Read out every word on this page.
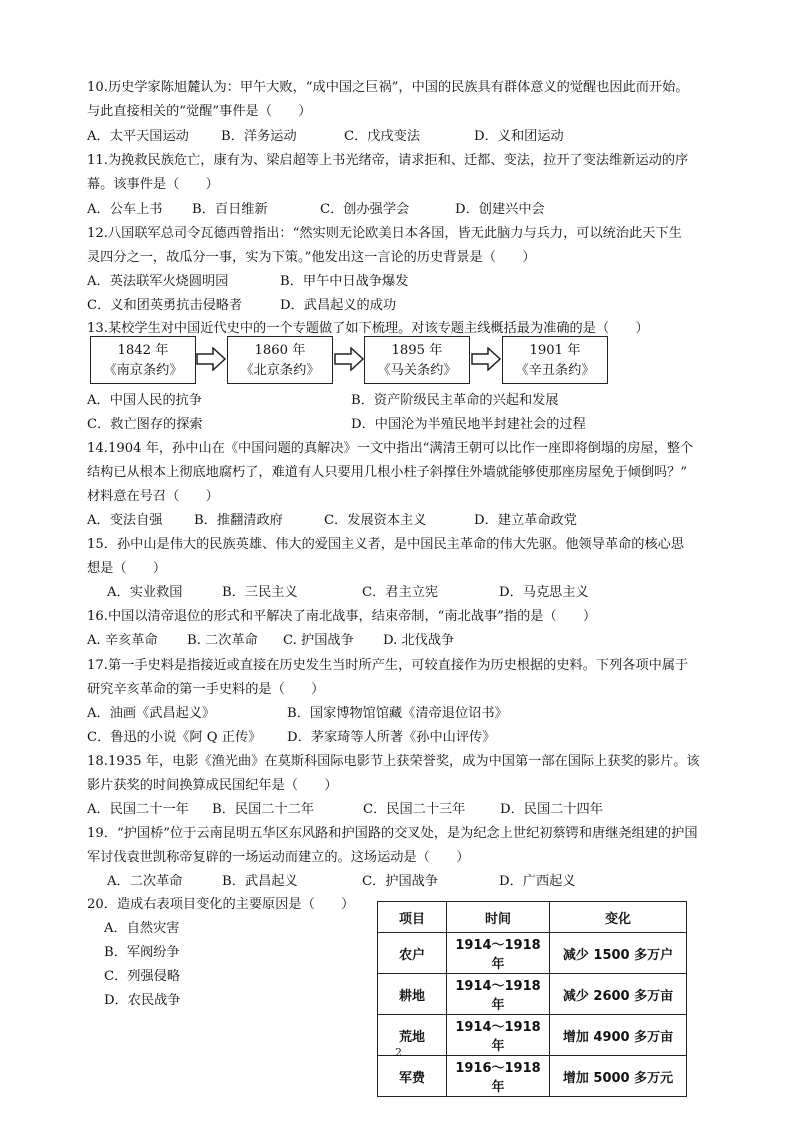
10.历史学家陈旭麓认为：甲午大败，“成中国之巨祸”，中国的民族具有群体意义的觉醒也因此而开始。
与此直接相关的“觉醒”事件是（　　）
A．太平天国运动 B．洋务运动	C．戊戌变法	D．义和团运动
11.为挽救民族危亡，康有为、梁启超等上书光绪帝，请求拒和、迁都、变法，拉开了变法维新运动的序
幕。该事件是（　　）
A．公车上书 B．百日维新	C．创办强学会	D．创建兴中会
12.八国联军总司令瓦德西曾指出：“然实则无论欧美日本各国，皆无此脑力与兵力，可以统治此天下生
灵四分之一，故瓜分一事，实为下策。”他发出这一言论的历史背景是（　　）
A．英法联军火烧圆明园	B．甲午中日战争爆发
C．义和团英勇抗击侵略者	D．武昌起义的成功
13.某校学生对中国近代史中的一个专题做了如下梳理。对该专题主线概括最为准确的是（　　）
1842 年
《南京条约》
1860 年
《北京条约》
1895 年
《马关条约》
1901 年
《辛丑条约》
A．中国人民的抗争	B．资产阶级民主革命的兴起和发展
C．救亡图存的探索	D．中国沦为半殖民地半封建社会的过程
14.1904 年，孙中山在《中国问题的真解决》一文中指出“满清王朝可以比作一座即将倒塌的房屋，整个
结构已从根本上彻底地腐朽了，难道有人只要用几根小柱子斜撑住外墙就能够使那座房屋免于倾倒吗？”
材料意在号召（　　）
A．变法自强 B．推翻清政府	C．发展资本主义	D．建立革命政党
15．孙中山是伟大的民族英雄、伟大的爱国主义者，是中国民主革命的伟大先驱。他领导革命的核心思
想是（　　）
A．实业救国	B．三民主义	C．君主立宪	D．马克思主义
16.中国以清帝退位的形式和平解决了南北战事，结束帝制，“南北战事”指的是（　　）
A. 辛亥革命 B. 二次革命 C. 护国战争 D. 北伐战争
17.第一手史料是指接近或直接在历史发生当时所产生，可较直接作为历史根据的史料。下列各项中属于
研究辛亥革命的第一手史料的是（　　）
A．油画《武昌起义》	B．国家博物馆馆藏《清帝退位诏书》
C．鲁迅的小说《阿 Q 正传》 D．茅家琦等人所著《孙中山评传》
18.1935 年，电影《渔光曲》在莫斯科国际电影节上获荣誉奖，成为中国第一部在国际上获奖的影片。该
影片获奖的时间换算成民国纪年是（　　）
A．民国二十一年 B．民国二十二年	C．民国二十三年	D．民国二十四年
19．“护国桥”位于云南昆明五华区东风路和护国路的交叉处，是为纪念上世纪初蔡锷和唐继尧组建的护国
军讨伐袁世凯称帝复辟的一场运动而建立的。这场运动是（　　）
A．二次革命	B．武昌起义	C．护国战争	D．广西起义
20．造成右表项目变化的主要原因是（　　）
A．自然灾害
B．军阀纷争
C．列强侵略
D．农民战争
项目	时间	变化
农户	1914～1918 年	减少 1500 多万户
耕地	1914～1918 年	减少 2600 多万亩
荒地	1914～1918 年	增加 4900 多万亩
军费	1916～1918 年	增加 5000 多万元
2
